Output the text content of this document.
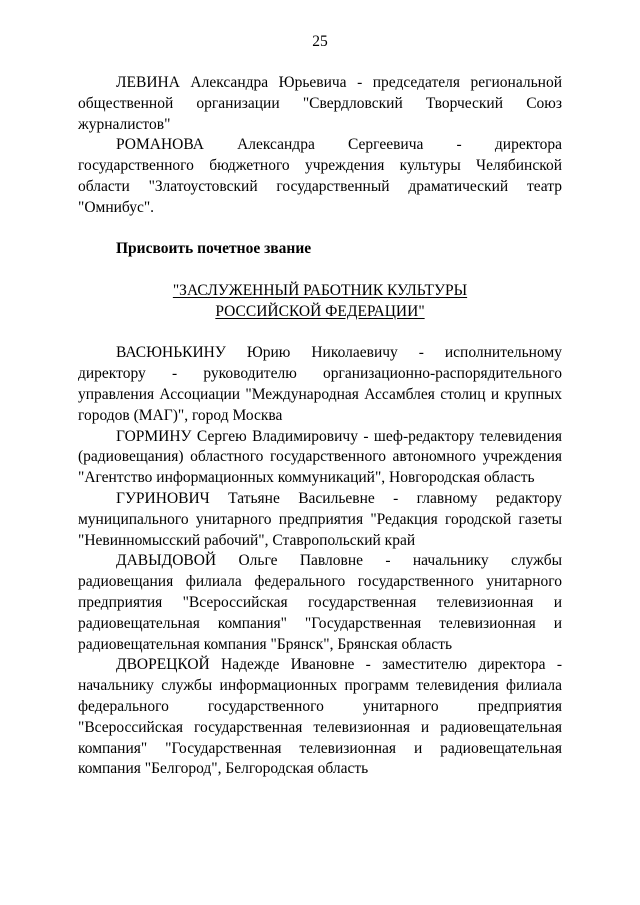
25

ЛЕВИНА Александра Юрьевича - председателя региональной общественной организации "Свердловский Творческий Союз журналистов"

РОМАНОВА Александра Сергеевича - директора государственного бюджетного учреждения культуры Челябинской области "Златоустовский государственный драматический театр "Омнибус".

Присвоить почетное звание

"ЗАСЛУЖЕННЫЙ РАБОТНИК КУЛЬТУРЫ
РОССИЙСКОЙ ФЕДЕРАЦИИ"

ВАСЮНЬКИНУ Юрию Николаевичу - исполнительному директору - руководителю организационно-распорядительного управления Ассоциации "Международная Ассамблея столиц и крупных городов (МАГ)", город Москва

ГОРМИНУ Сергею Владимировичу - шеф-редактору телевидения (радиовещания) областного государственного автономного учреждения "Агентство информационных коммуникаций", Новгородская область

ГУРИНОВИЧ Татьяне Васильевне - главному редактору муниципального унитарного предприятия "Редакция городской газеты "Невинномысский рабочий", Ставропольский край

ДАВЫДОВОЙ Ольге Павловне - начальнику службы радиовещания филиала федерального государственного унитарного предприятия "Всероссийская государственная телевизионная и радиовещательная компания" "Государственная телевизионная и радиовещательная компания "Брянск", Брянская область

ДВОРЕЦКОЙ Надежде Ивановне - заместителю директора - начальнику службы информационных программ телевидения филиала федерального государственного унитарного предприятия "Всероссийская государственная телевизионная и радиовещательная компания" "Государственная телевизионная и радиовещательная компания "Белгород", Белгородская область
